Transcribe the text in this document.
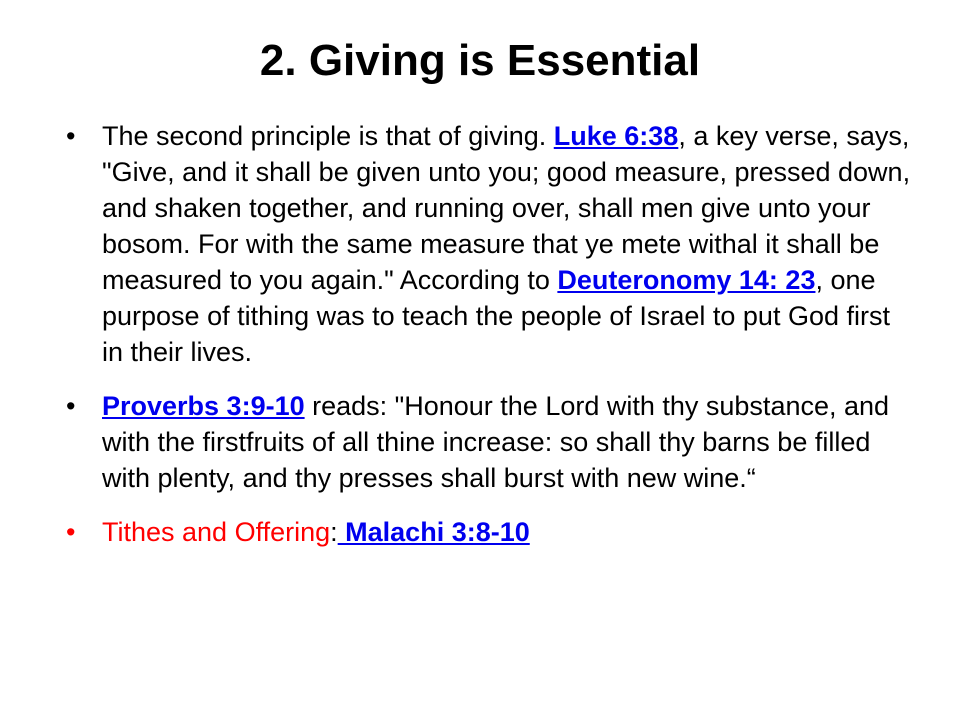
2. Giving is Essential
• The second principle is that of giving. Luke 6:38, a key verse, says, "Give, and it shall be given unto you; good measure, pressed down, and shaken together, and running over, shall men give unto your bosom. For with the same measure that ye mete withal it shall be measured to you again." According to Deuteronomy 14: 23, one purpose of tithing was to teach the people of Israel to put God first in their lives.
• Proverbs 3:9-10 reads: "Honour the Lord with thy substance, and with the firstfruits of all thine increase: so shall thy barns be filled with plenty, and thy presses shall burst with new wine.“
• Tithes and Offering: Malachi 3:8-10
